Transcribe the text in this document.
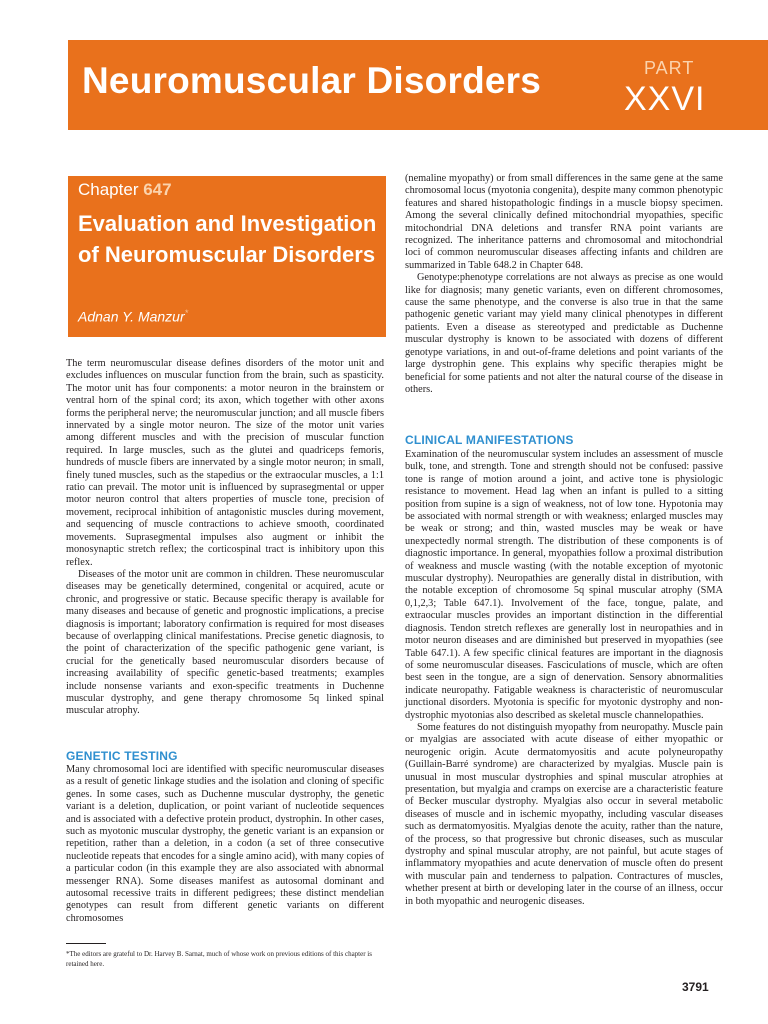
Neuromuscular Disorders	PART
XXVI
Chapter 647
Evaluation and Investigation of Neuromuscular Disorders
Adnan Y. Manzur*

The term neuromuscular disease defines disorders of the motor unit and excludes influences on muscular function from the brain, such as spasticity. The motor unit has four components: a motor neuron in the brainstem or ventral horn of the spinal cord; its axon, which together with other axons forms the peripheral nerve; the neuromuscular junction; and all muscle fibers innervated by a single motor neuron. The size of the motor unit varies among different muscles and with the precision of muscular function required. In large muscles, such as the glutei and quadriceps femoris, hundreds of muscle fibers are innervated by a single motor neuron; in small, finely tuned muscles, such as the stapedius or the extraocular muscles, a 1:1 ratio can prevail. The motor unit is influenced by suprasegmental or upper motor neuron control that alters properties of muscle tone, precision of movement, reciprocal inhibition of antagonistic muscles during movement, and sequencing of muscle contractions to achieve smooth, coordinated movements. Suprasegmental impulses also augment or inhibit the monosynaptic stretch reflex; the corticospinal tract is inhibitory upon this reflex.

Diseases of the motor unit are common in children. These neuromuscular diseases may be genetically determined, congenital or acquired, acute or chronic, and progressive or static. Because specific therapy is available for many diseases and because of genetic and prognostic implications, a precise diagnosis is important; laboratory confirmation is required for most diseases because of overlapping clinical manifestations. Precise genetic diagnosis, to the point of characterization of the specific pathogenic gene variant, is crucial for the genetically based neuromuscular disorders because of increasing availability of specific genetic-based treatments; examples include nonsense variants and exon-specific treatments in Duchenne muscular dystrophy, and gene therapy chromosome 5q linked spinal muscular atrophy.

GENETIC TESTING

Many chromosomal loci are identified with specific neuromuscular diseases as a result of genetic linkage studies and the isolation and cloning of specific genes. In some cases, such as Duchenne muscular dystrophy, the genetic variant is a deletion, duplication, or point variant of nucleotide sequences and is associated with a defective protein product, dystrophin. In other cases, such as myotonic muscular dystrophy, the genetic variant is an expansion or repetition, rather than a deletion, in a codon (a set of three consecutive nucleotide repeats that encodes for a single amino acid), with many copies of a particular codon (in this example they are also associated with abnormal messenger RNA). Some diseases manifest as autosomal dominant and autosomal recessive traits in different pedigrees; these distinct mendelian genotypes can result from different genetic variants on different chromosomes

(nemaline myopathy) or from small differences in the same gene at the same chromosomal locus (myotonia congenita), despite many common phenotypic features and shared histopathologic findings in a muscle biopsy specimen. Among the several clinically defined mitochondrial myopathies, specific mitochondrial DNA deletions and transfer RNA point variants are recognized. The inheritance patterns and chromosomal and mitochondrial loci of common neuromuscular diseases affecting infants and children are summarized in Table 648.2 in Chapter 648.

Genotype:phenotype correlations are not always as precise as one would like for diagnosis; many genetic variants, even on different chromosomes, cause the same phenotype, and the converse is also true in that the same pathogenic genetic variant may yield many clinical phenotypes in different patients. Even a disease as stereotyped and predictable as Duchenne muscular dystrophy is known to be associated with dozens of different genotype variations, in and out-of-frame deletions and point variants of the large dystrophin gene. This explains why specific therapies might be beneficial for some patients and not alter the natural course of the disease in others.

CLINICAL MANIFESTATIONS

Examination of the neuromuscular system includes an assessment of muscle bulk, tone, and strength. Tone and strength should not be confused: passive tone is range of motion around a joint, and active tone is physiologic resistance to movement. Head lag when an infant is pulled to a sitting position from supine is a sign of weakness, not of low tone. Hypotonia may be associated with normal strength or with weakness; enlarged muscles may be weak or strong; and thin, wasted muscles may be weak or have unexpectedly normal strength. The distribution of these components is of diagnostic importance. In general, myopathies follow a proximal distribution of weakness and muscle wasting (with the notable exception of myotonic muscular dystrophy). Neuropathies are generally distal in distribution, with the notable exception of chromosome 5q spinal muscular atrophy (SMA 0,1,2,3; Table 647.1). Involvement of the face, tongue, palate, and extraocular muscles provides an important distinction in the differential diagnosis. Tendon stretch reflexes are generally lost in neuropathies and in motor neuron diseases and are diminished but preserved in myopathies (see Table 647.1). A few specific clinical features are important in the diagnosis of some neuromuscular diseases. Fasciculations of muscle, which are often best seen in the tongue, are a sign of denervation. Sensory abnormalities indicate neuropathy. Fatigable weakness is characteristic of neuromuscular junctional disorders. Myotonia is specific for myotonic dystrophy and non-dystrophic myotonias also described as skeletal muscle channelopathies.

Some features do not distinguish myopathy from neuropathy. Muscle pain or myalgias are associated with acute disease of either myopathic or neurogenic origin. Acute dermatomyositis and acute polyneuropathy (Guillain-Barré syndrome) are characterized by myalgias. Muscle pain is unusual in most muscular dystrophies and spinal muscular atrophies at presentation, but myalgia and cramps on exercise are a characteristic feature of Becker muscular dystrophy. Myalgias also occur in several metabolic diseases of muscle and in ischemic myopathy, including vascular diseases such as dermatomyositis. Myalgias denote the acuity, rather than the nature, of the process, so that progressive but chronic diseases, such as muscular dystrophy and spinal muscular atrophy, are not painful, but acute stages of inflammatory myopathies and acute denervation of muscle often do present with muscular pain and tenderness to palpation. Contractures of muscles, whether present at birth or developing later in the course of an illness, occur in both myopathic and neurogenic diseases.

*The editors are grateful to Dr. Harvey B. Sarnat, much of whose work on previous editions of this chapter is retained here.
3791
